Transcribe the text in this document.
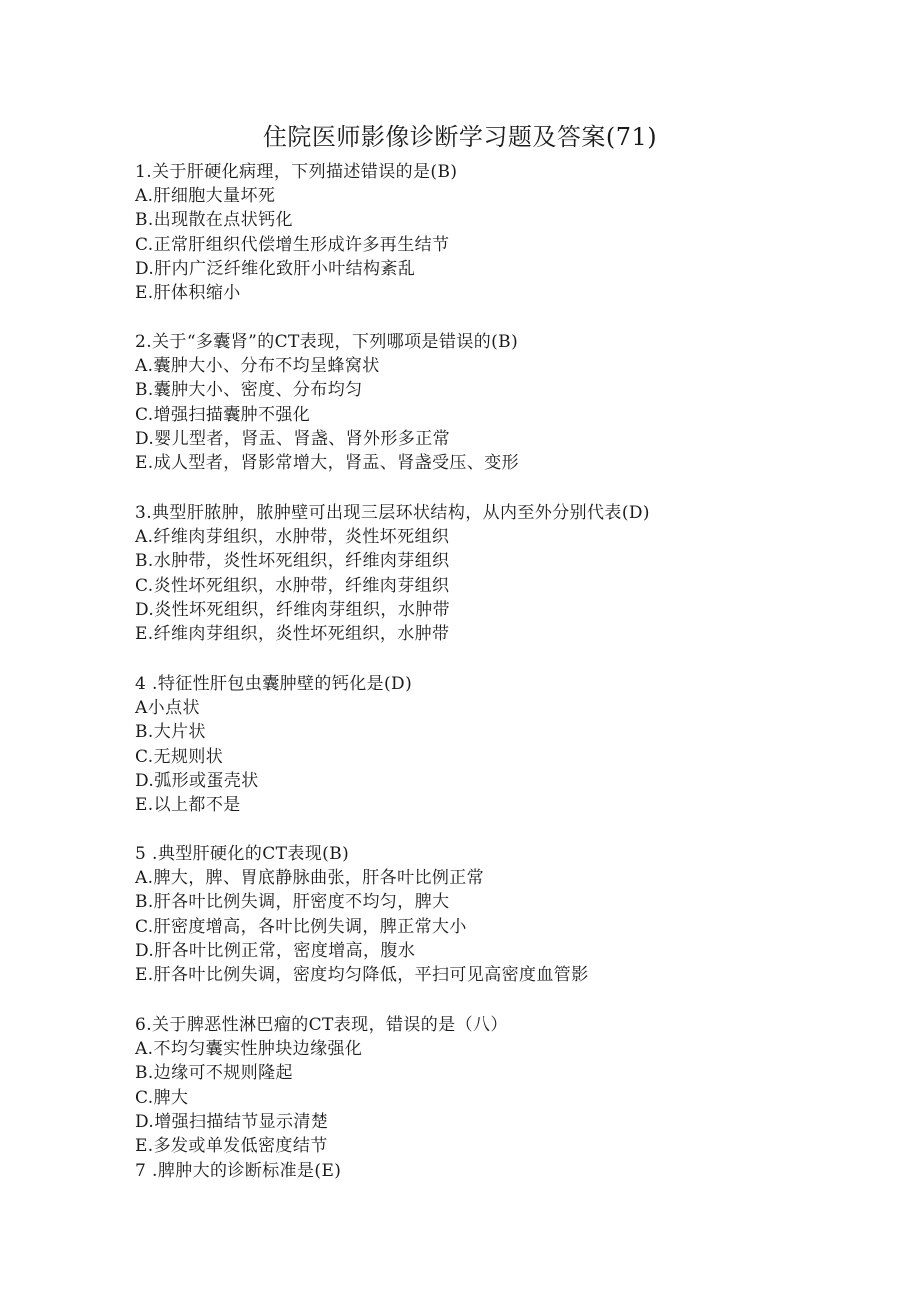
住院医师影像诊断学习题及答案(71)
1.关于肝硬化病理，下列描述错误的是(B)
A.肝细胞大量坏死
B.出现散在点状钙化
C.正常肝组织代偿增生形成许多再生结节
D.肝内广泛纤维化致肝小叶结构紊乱
E.肝体积缩小
2.关于“多囊肾”的CT表现，下列哪项是错误的(B)
A.囊肿大小、分布不均呈蜂窝状
B.囊肿大小、密度、分布均匀
C.增强扫描囊肿不强化
D.婴儿型者，肾盂、肾盏、肾外形多正常
E.成人型者，肾影常增大，肾盂、肾盏受压、变形
3.典型肝脓肿，脓肿壁可出现三层环状结构，从内至外分别代表(D)
A.纤维肉芽组织，水肿带，炎性坏死组织
B.水肿带，炎性坏死组织，纤维肉芽组织
C.炎性坏死组织，水肿带，纤维肉芽组织
D.炎性坏死组织，纤维肉芽组织，水肿带
E.纤维肉芽组织，炎性坏死组织，水肿带
4 .特征性肝包虫囊肿壁的钙化是(D)
A小点状
B.大片状
C.无规则状
D.弧形或蛋壳状
E.以上都不是
5 .典型肝硬化的CT表现(B)
A.脾大，脾、胃底静脉曲张，肝各叶比例正常
B.肝各叶比例失调，肝密度不均匀，脾大
C.肝密度增高，各叶比例失调，脾正常大小
D.肝各叶比例正常，密度增高，腹水
E.肝各叶比例失调，密度均匀降低，平扫可见高密度血管影
6.关于脾恶性淋巴瘤的CT表现，错误的是（八）
A.不均匀囊实性肿块边缘强化
B.边缘可不规则隆起
C.脾大
D.增强扫描结节显示清楚
E.多发或单发低密度结节
7 .脾肿大的诊断标准是(E)
